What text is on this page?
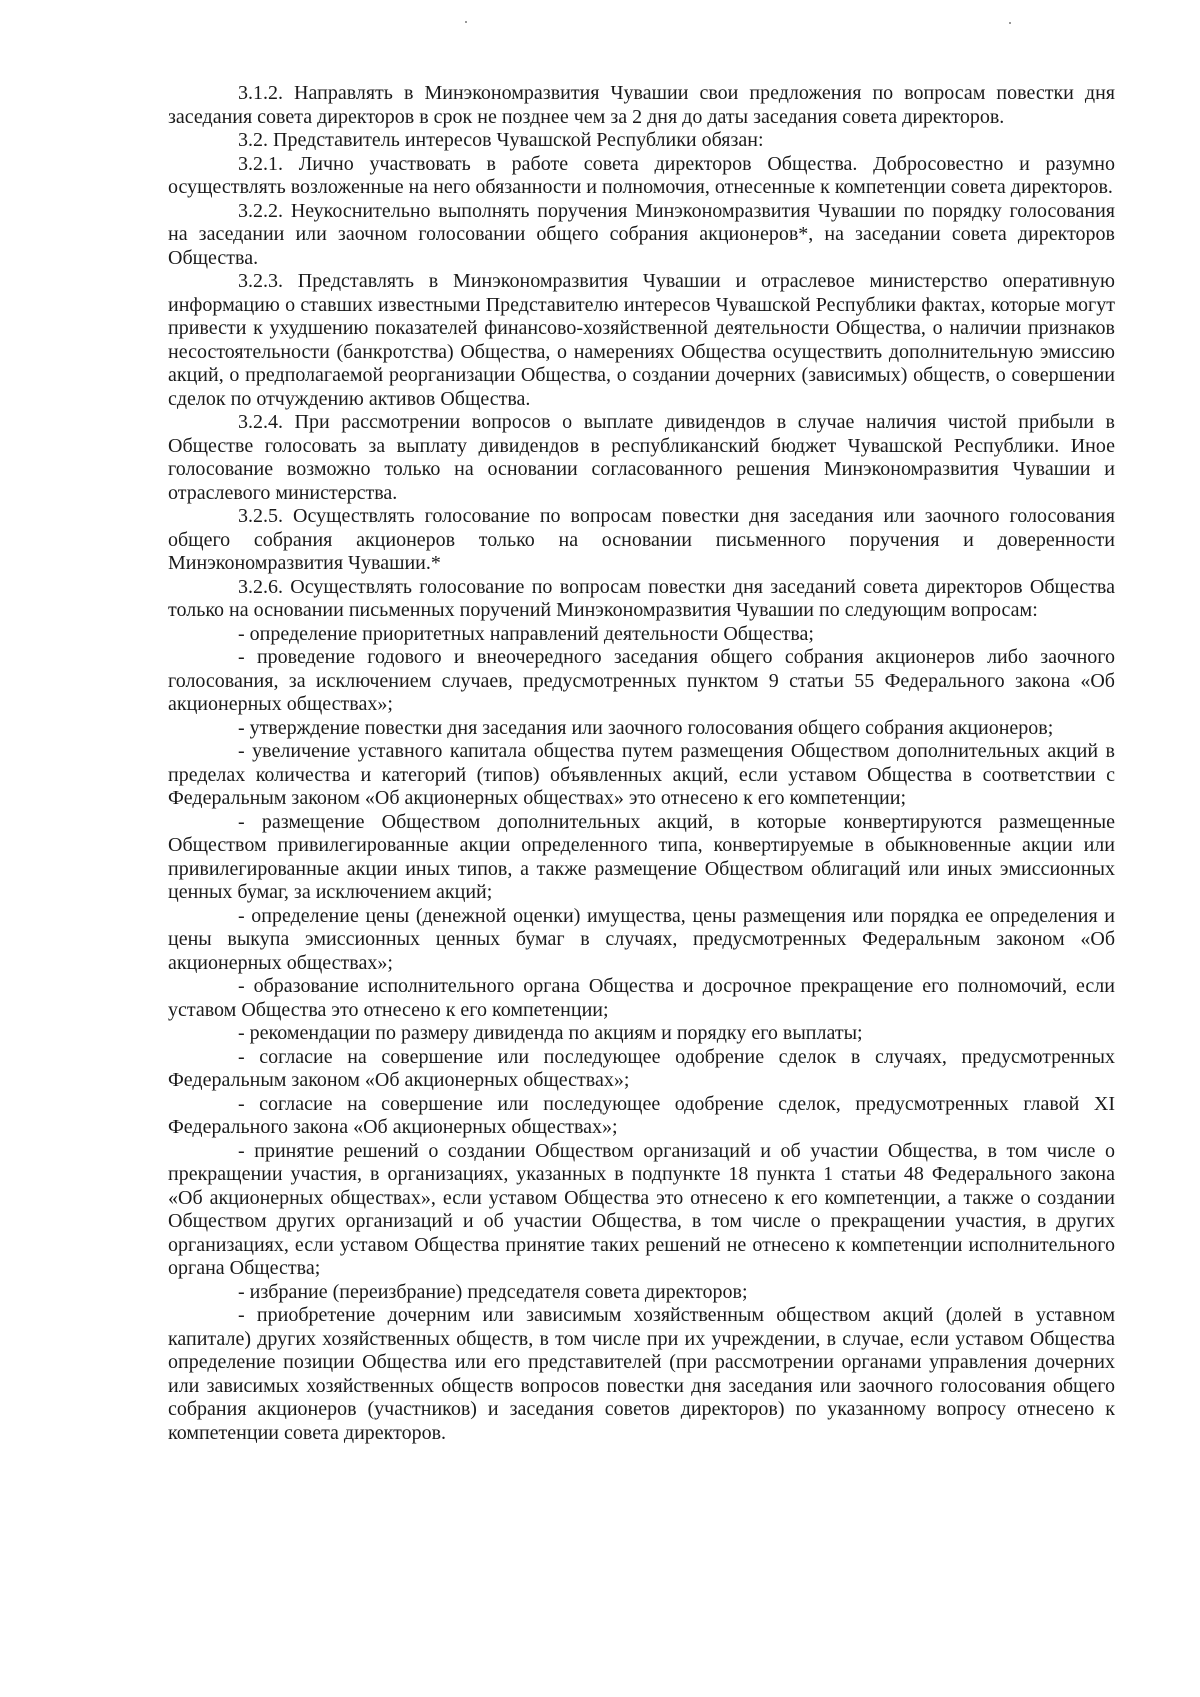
3.1.2. Направлять в Минэкономразвития Чувашии свои предложения по вопросам повестки дня заседания совета директоров в срок не позднее чем за 2 дня до даты заседания совета директоров.

3.2. Представитель интересов Чувашской Республики обязан:

3.2.1. Лично участвовать в работе совета директоров Общества. Добросовестно и разумно осуществлять возложенные на него обязанности и полномочия, отнесенные к компетенции совета директоров.

3.2.2. Неукоснительно выполнять поручения Минэкономразвития Чувашии по порядку голосования на заседании или заочном голосовании общего собрания акционеров*, на заседании совета директоров Общества.

3.2.3. Представлять в Минэкономразвития Чувашии и отраслевое министерство оперативную информацию о ставших известными Представителю интересов Чувашской Республики фактах, которые могут привести к ухудшению показателей финансово-хозяйственной деятельности Общества, о наличии признаков несостоятельности (банкротства) Общества, о намерениях Общества осуществить дополнительную эмиссию акций, о предполагаемой реорганизации Общества, о создании дочерних (зависимых) обществ, о совершении сделок по отчуждению активов Общества.

3.2.4. При рассмотрении вопросов о выплате дивидендов в случае наличия чистой прибыли в Обществе голосовать за выплату дивидендов в республиканский бюджет Чувашской Республики. Иное голосование возможно только на основании согласованного решения Минэкономразвития Чувашии и отраслевого министерства.

3.2.5. Осуществлять голосование по вопросам повестки дня заседания или заочного голосования общего собрания акционеров только на основании письменного поручения и доверенности Минэкономразвития Чувашии.*

3.2.6. Осуществлять голосование по вопросам повестки дня заседаний совета директоров Общества только на основании письменных поручений Минэкономразвития Чувашии по следующим вопросам:

- определение приоритетных направлений деятельности Общества;

- проведение годового и внеочередного заседания общего собрания акционеров либо заочного голосования, за исключением случаев, предусмотренных пунктом 9 статьи 55 Федерального закона «Об акционерных обществах»;

- утверждение повестки дня заседания или заочного голосования общего собрания акционеров;

- увеличение уставного капитала общества путем размещения Обществом дополнительных акций в пределах количества и категорий (типов) объявленных акций, если уставом Общества в соответствии с Федеральным законом «Об акционерных обществах» это отнесено к его компетенции;

- размещение Обществом дополнительных акций, в которые конвертируются размещенные Обществом привилегированные акции определенного типа, конвертируемые в обыкновенные акции или привилегированные акции иных типов, а также размещение Обществом облигаций или иных эмиссионных ценных бумаг, за исключением акций;

- определение цены (денежной оценки) имущества, цены размещения или порядка ее определения и цены выкупа эмиссионных ценных бумаг в случаях, предусмотренных Федеральным законом «Об акционерных обществах»;

- образование исполнительного органа Общества и досрочное прекращение его полномочий, если уставом Общества это отнесено к его компетенции;

- рекомендации по размеру дивиденда по акциям и порядку его выплаты;

- согласие на совершение или последующее одобрение сделок в случаях, предусмотренных Федеральным законом «Об акционерных обществах»;

- согласие на совершение или последующее одобрение сделок, предусмотренных главой XI Федерального закона «Об акционерных обществах»;

- принятие решений о создании Обществом организаций и об участии Общества, в том числе о прекращении участия, в организациях, указанных в подпункте 18 пункта 1 статьи 48 Федерального закона «Об акционерных обществах», если уставом Общества это отнесено к его компетенции, а также о создании Обществом других организаций и об участии Общества, в том числе о прекращении участия, в других организациях, если уставом Общества принятие таких решений не отнесено к компетенции исполнительного органа Общества;

- избрание (переизбрание) председателя совета директоров;

- приобретение дочерним или зависимым хозяйственным обществом акций (долей в уставном капитале) других хозяйственных обществ, в том числе при их учреждении, в случае, если уставом Общества определение позиции Общества или его представителей (при рассмотрении органами управления дочерних или зависимых хозяйственных обществ вопросов повестки дня заседания или заочного голосования общего собрания акционеров (участников) и заседания советов директоров) по указанному вопросу отнесено к компетенции совета директоров.
